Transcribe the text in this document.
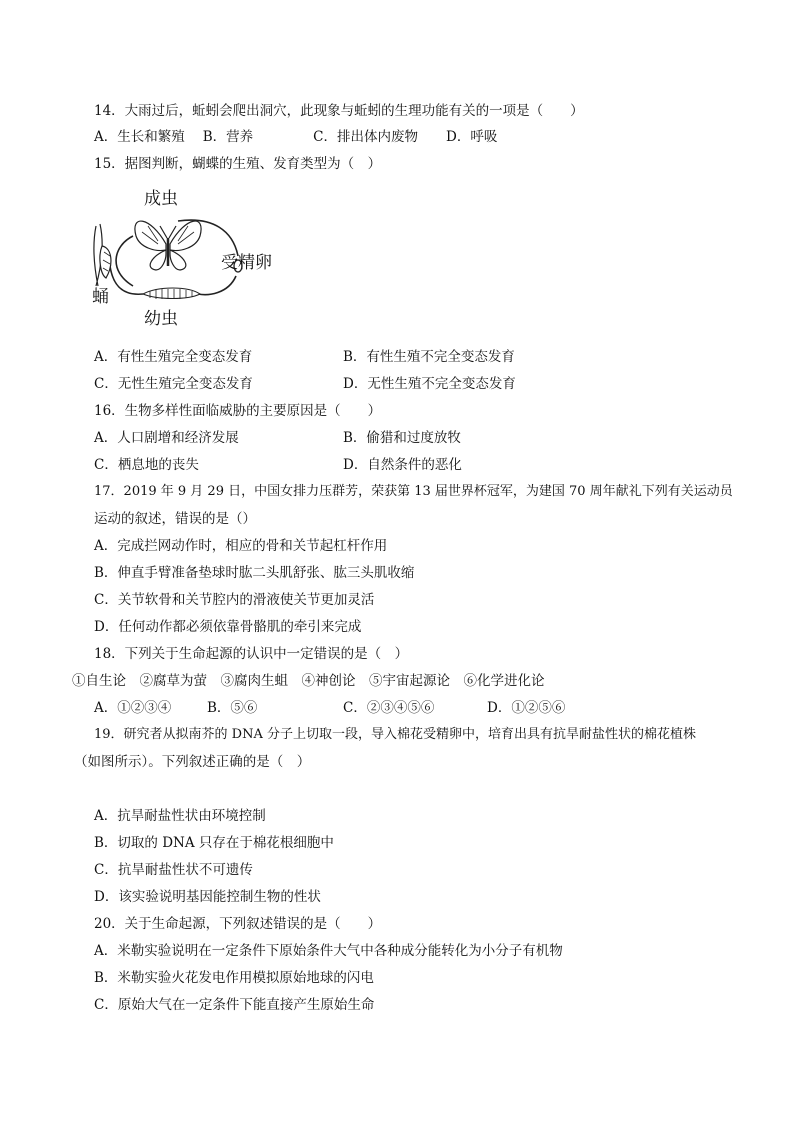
14．大雨过后，蚯蚓会爬出洞穴，此现象与蚯蚓的生理功能有关的一项是（　　）
A．生长和繁殖 B．营养	C．排出体内废物 D．呼吸
15．据图判断，蝴蝶的生殖、发育类型为（　）
成虫
受精卵
蛹
幼虫
A．有性生殖完全变态发育	B．有性生殖不完全变态发育
C．无性生殖完全变态发育	D．无性生殖不完全变态发育
16．生物多样性面临威胁的主要原因是（　　）
A．人口剧增和经济发展	B．偷猎和过度放牧
C．栖息地的丧失	D．自然条件的恶化
17．2019 年 9 月 29 日，中国女排力压群芳，荣获第 13 届世界杯冠军，为建国 70 周年献礼下列有关运动员
运动的叙述，错误的是（）
A．完成拦网动作时，相应的骨和关节起杠杆作用
B．伸直手臂准备垫球时肱二头肌舒张、肱三头肌收缩
C．关节软骨和关节腔内的滑液使关节更加灵活
D．任何动作都必须依靠骨骼肌的牵引来完成
18．下列关于生命起源的认识中一定错误的是（　）
①自生论　②腐草为萤　③腐肉生蛆　④神创论　⑤宇宙起源论　⑥化学进化论
A．①②③④	B．⑤⑥	C．②③④⑤⑥	D．①②⑤⑥
19．研究者从拟南芥的 DNA 分子上切取一段，导入棉花受精卵中，培育出具有抗旱耐盐性状的棉花植株
（如图所示）。下列叙述正确的是（　）
A．抗旱耐盐性状由环境控制
B．切取的 DNA 只存在于棉花根细胞中
C．抗旱耐盐性状不可遗传
D．该实验说明基因能控制生物的性状
20．关于生命起源，下列叙述错误的是（　　）
A．米勒实验说明在一定条件下原始条件大气中各种成分能转化为小分子有机物
B．米勒实验火花发电作用模拟原始地球的闪电
C．原始大气在一定条件下能直接产生原始生命
